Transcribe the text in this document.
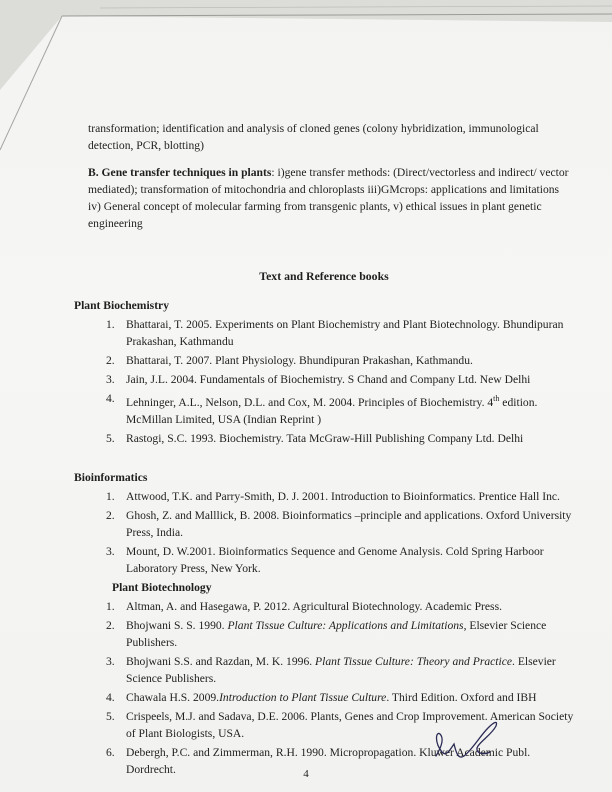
transformation; identification and analysis of cloned genes (colony hybridization, immunological detection, PCR, blotting)

B. Gene transfer techniques in plants: i)gene transfer methods: (Direct/vectorless and indirect/ vector mediated); transformation of mitochondria and chloroplasts iii)GMcrops: applications and limitations iv) General concept of molecular farming from transgenic plants, v) ethical issues in plant genetic engineering

Text and Reference books
Plant Biochemistry
1. Bhattarai, T. 2005. Experiments on Plant Biochemistry and Plant Biotechnology. Bhundipuran Prakashan, Kathmandu
2. Bhattarai, T. 2007. Plant Physiology. Bhundipuran Prakashan, Kathmandu.
3. Jain, J.L. 2004. Fundamentals of Biochemistry. S Chand and Company Ltd. New Delhi
4. Lehninger, A.L., Nelson, D.L. and Cox, M. 2004. Principles of Biochemistry. 4th edition. McMillan Limited, USA (Indian Reprint )
5. Rastogi, S.C. 1993. Biochemistry. Tata McGraw-Hill Publishing Company Ltd. Delhi
Bioinformatics
1. Attwood, T.K. and Parry-Smith, D. J. 2001. Introduction to Bioinformatics. Prentice Hall Inc.
2. Ghosh, Z. and Malllick, B. 2008. Bioinformatics –principle and applications. Oxford University Press, India.
3. Mount, D. W.2001. Bioinformatics Sequence and Genome Analysis. Cold Spring Harboor Laboratory Press, New York.
Plant Biotechnology
1. Altman, A. and Hasegawa, P. 2012. Agricultural Biotechnology. Academic Press.
2. Bhojwani S. S. 1990. Plant Tissue Culture: Applications and Limitations, Elsevier Science Publishers.
3. Bhojwani S.S. and Razdan, M. K. 1996. Plant Tissue Culture: Theory and Practice. Elsevier Science Publishers.
4. Chawala H.S. 2009.Introduction to Plant Tissue Culture. Third Edition. Oxford and IBH
5. Crispeels, M.J. and Sadava, D.E. 2006. Plants, Genes and Crop Improvement. American Society of Plant Biologists, USA.
6. Debergh, P.C. and Zimmerman, R.H. 1990. Micropropagation. Kluwer Academic Publ. Dordrecht.	4
